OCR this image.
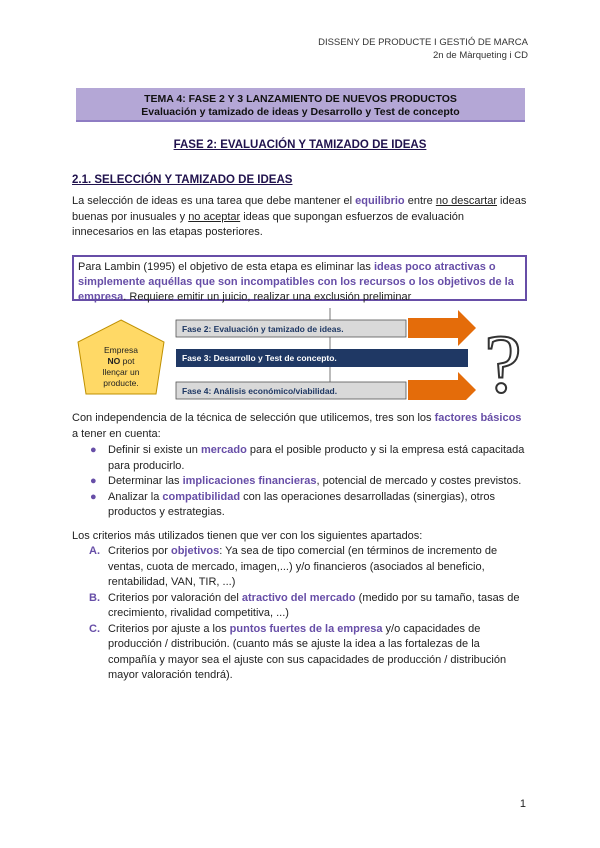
DISSENY DE PRODUCTE I GESTIÓ DE MARCA
2n de Màrqueting i CD
TEMA 4: FASE 2 Y 3 LANZAMIENTO DE NUEVOS PRODUCTOS
Evaluación y tamizado de ideas y Desarrollo y Test de concepto
FASE 2: EVALUACIÓN Y TAMIZADO DE IDEAS
2.1. SELECCIÓN Y TAMIZADO DE IDEAS
La selección de ideas es una tarea que debe mantener el equilibrio entre no descartar ideas buenas por inusuales y no aceptar ideas que supongan esfuerzos de evaluación innecesarios en las etapas posteriores.
Para Lambin (1995) el objetivo de esta etapa es eliminar las ideas poco atractivas o simplemente aquéllas que son incompatibles con los recursos o los objetivos de la empresa. Requiere emitir un juicio, realizar una exclusión preliminar
Empresa
NO pot
llençar un
producte.
Fase 2: Evaluación y tamizado de ideas.
Fase 3: Desarrollo y Test de concepto.
Fase 4: Análisis económico/viabilidad. ?
Con independencia de la técnica de selección que utilicemos, tres son los factores básicos a tener en cuenta:
● Definir si existe un mercado para el posible producto y si la empresa está capacitada para producirlo.
● Determinar las implicaciones financieras, potencial de mercado y costes previstos.
● Analizar la compatibilidad con las operaciones desarrolladas (sinergias), otros productos y estrategias.
Los criterios más utilizados tienen que ver con los siguientes apartados:
A. Criterios por objetivos: Ya sea de tipo comercial (en términos de incremento de ventas, cuota de mercado, imagen,...) y/o financieros (asociados al beneficio, rentabilidad, VAN, TIR, ...)
B. Criterios por valoración del atractivo del mercado (medido por su tamaño, tasas de crecimiento, rivalidad competitiva, ...)
C. Criterios por ajuste a los puntos fuertes de la empresa y/o capacidades de producción / distribución. (cuanto más se ajuste la idea a las fortalezas de la compañía y mayor sea el ajuste con sus capacidades de producción / distribución mayor valoración tendrá).
1
